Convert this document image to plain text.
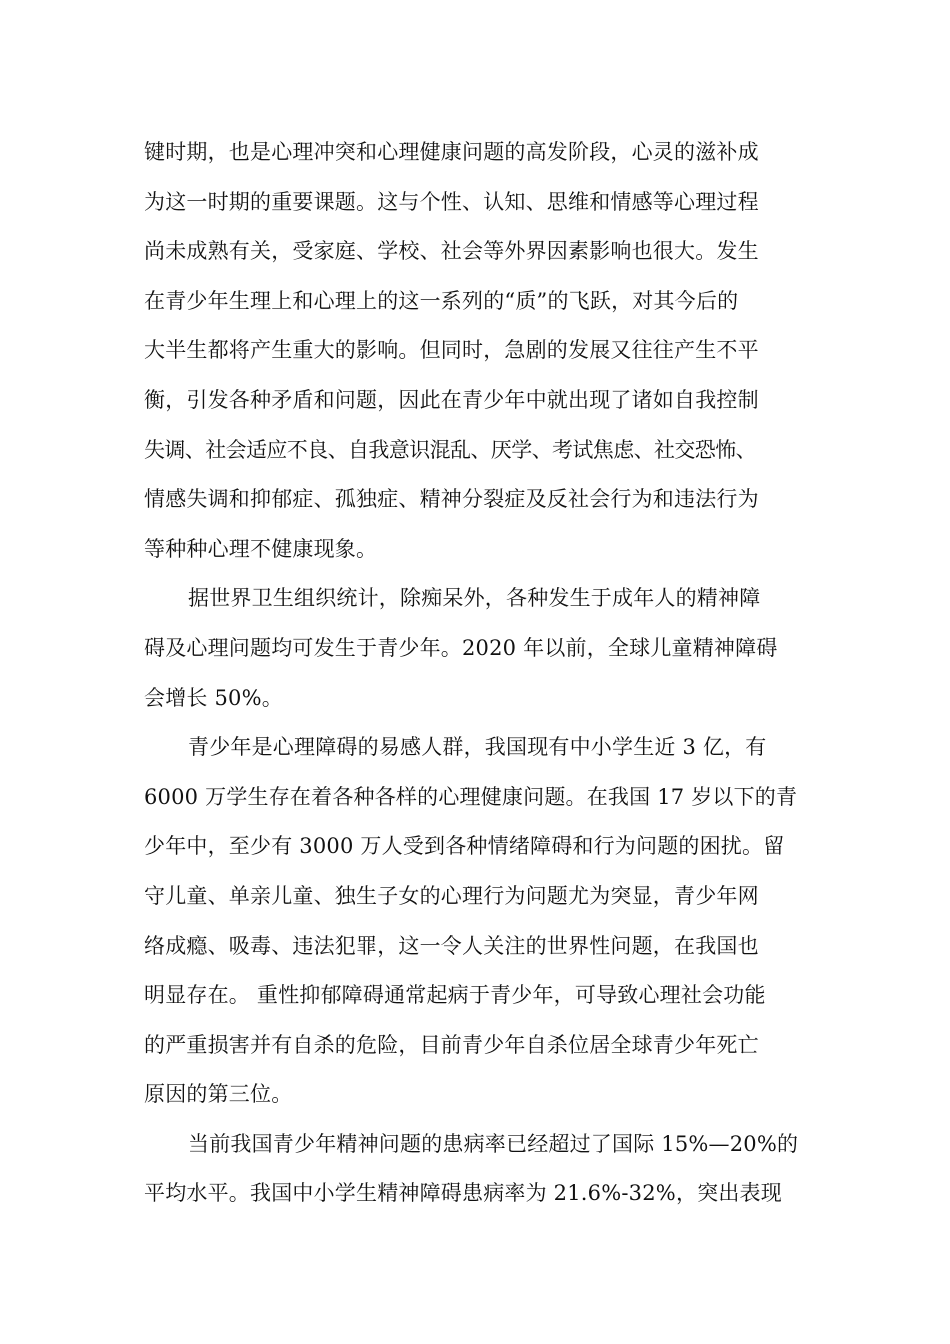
键时期，也是心理冲突和心理健康问题的高发阶段，心灵的滋补成
为这一时期的重要课题。这与个性、认知、思维和情感等心理过程
尚未成熟有关，受家庭、学校、社会等外界因素影响也很大。发生
在青少年生理上和心理上的这一系列的“质”的飞跃，对其今后的
大半生都将产生重大的影响。但同时，急剧的发展又往往产生不平
衡，引发各种矛盾和问题，因此在青少年中就出现了诸如自我控制
失调、社会适应不良、自我意识混乱、厌学、考试焦虑、社交恐怖、
情感失调和抑郁症、孤独症、精神分裂症及反社会行为和违法行为
等种种心理不健康现象。
据世界卫生组织统计，除痴呆外，各种发生于成年人的精神障
碍及心理问题均可发生于青少年。2020 年以前，全球儿童精神障碍
会增长 50%。
青少年是心理障碍的易感人群，我国现有中小学生近 3 亿，有
6000 万学生存在着各种各样的心理健康问题。在我国 17 岁以下的青
少年中，至少有 3000 万人受到各种情绪障碍和行为问题的困扰。留
守儿童、单亲儿童、独生子女的心理行为问题尤为突显，青少年网
络成瘾、吸毒、违法犯罪，这一令人关注的世界性问题，在我国也
明显存在。 重性抑郁障碍通常起病于青少年，可导致心理社会功能
的严重损害并有自杀的危险，目前青少年自杀位居全球青少年死亡
原因的第三位。
当前我国青少年精神问题的患病率已经超过了国际 15%—20%的
平均水平。我国中小学生精神障碍患病率为 21.6%-32%，突出表现
